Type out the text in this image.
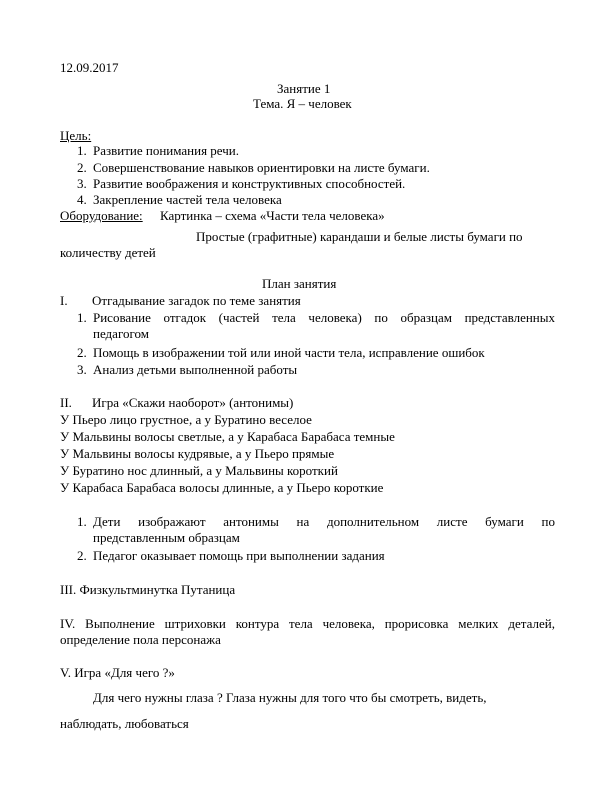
12.09.2017
Занятие 1
Тема. Я – человек
Цель:
1. Развитие понимания речи.
2. Совершенствование навыков ориентировки на листе бумаги.
3. Развитие воображения и конструктивных способностей.
4. Закрепление частей тела человека
Оборудование: Картинка – схема «Части тела человека»
Простые (графитные) карандаши и белые листы бумаги по
количеству детей
План занятия
I. Отгадывание загадок по теме занятия
1. Рисование отгадок (частей тела человека) по образцам представленных
педагогом
2. Помощь в изображении той или иной части тела, исправление ошибок
3. Анализ детьми выполненной работы
II. Игра «Скажи наоборот» (антонимы)
У Пьеро лицо грустное, а у Буратино веселое
У Мальвины волосы светлые, а у Карабаса Барабаса темные
У Мальвины волосы кудрявые, а у Пьеро прямые
У Буратино нос длинный, а у Мальвины короткий
У Карабаса Барабаса волосы длинные, а у Пьеро короткие
1. Дети изображают антонимы на дополнительном листе бумаги по
представленным образцам
2. Педагог оказывает помощь при выполнении задания
III. Физкультминутка Путаница
IV. Выполнение штриховки контура тела человека, прорисовка мелких деталей,
определение пола персонажа
V. Игра «Для чего ?»
Для чего нужны глаза ? Глаза нужны для того что бы смотреть, видеть,
наблюдать, любоваться
